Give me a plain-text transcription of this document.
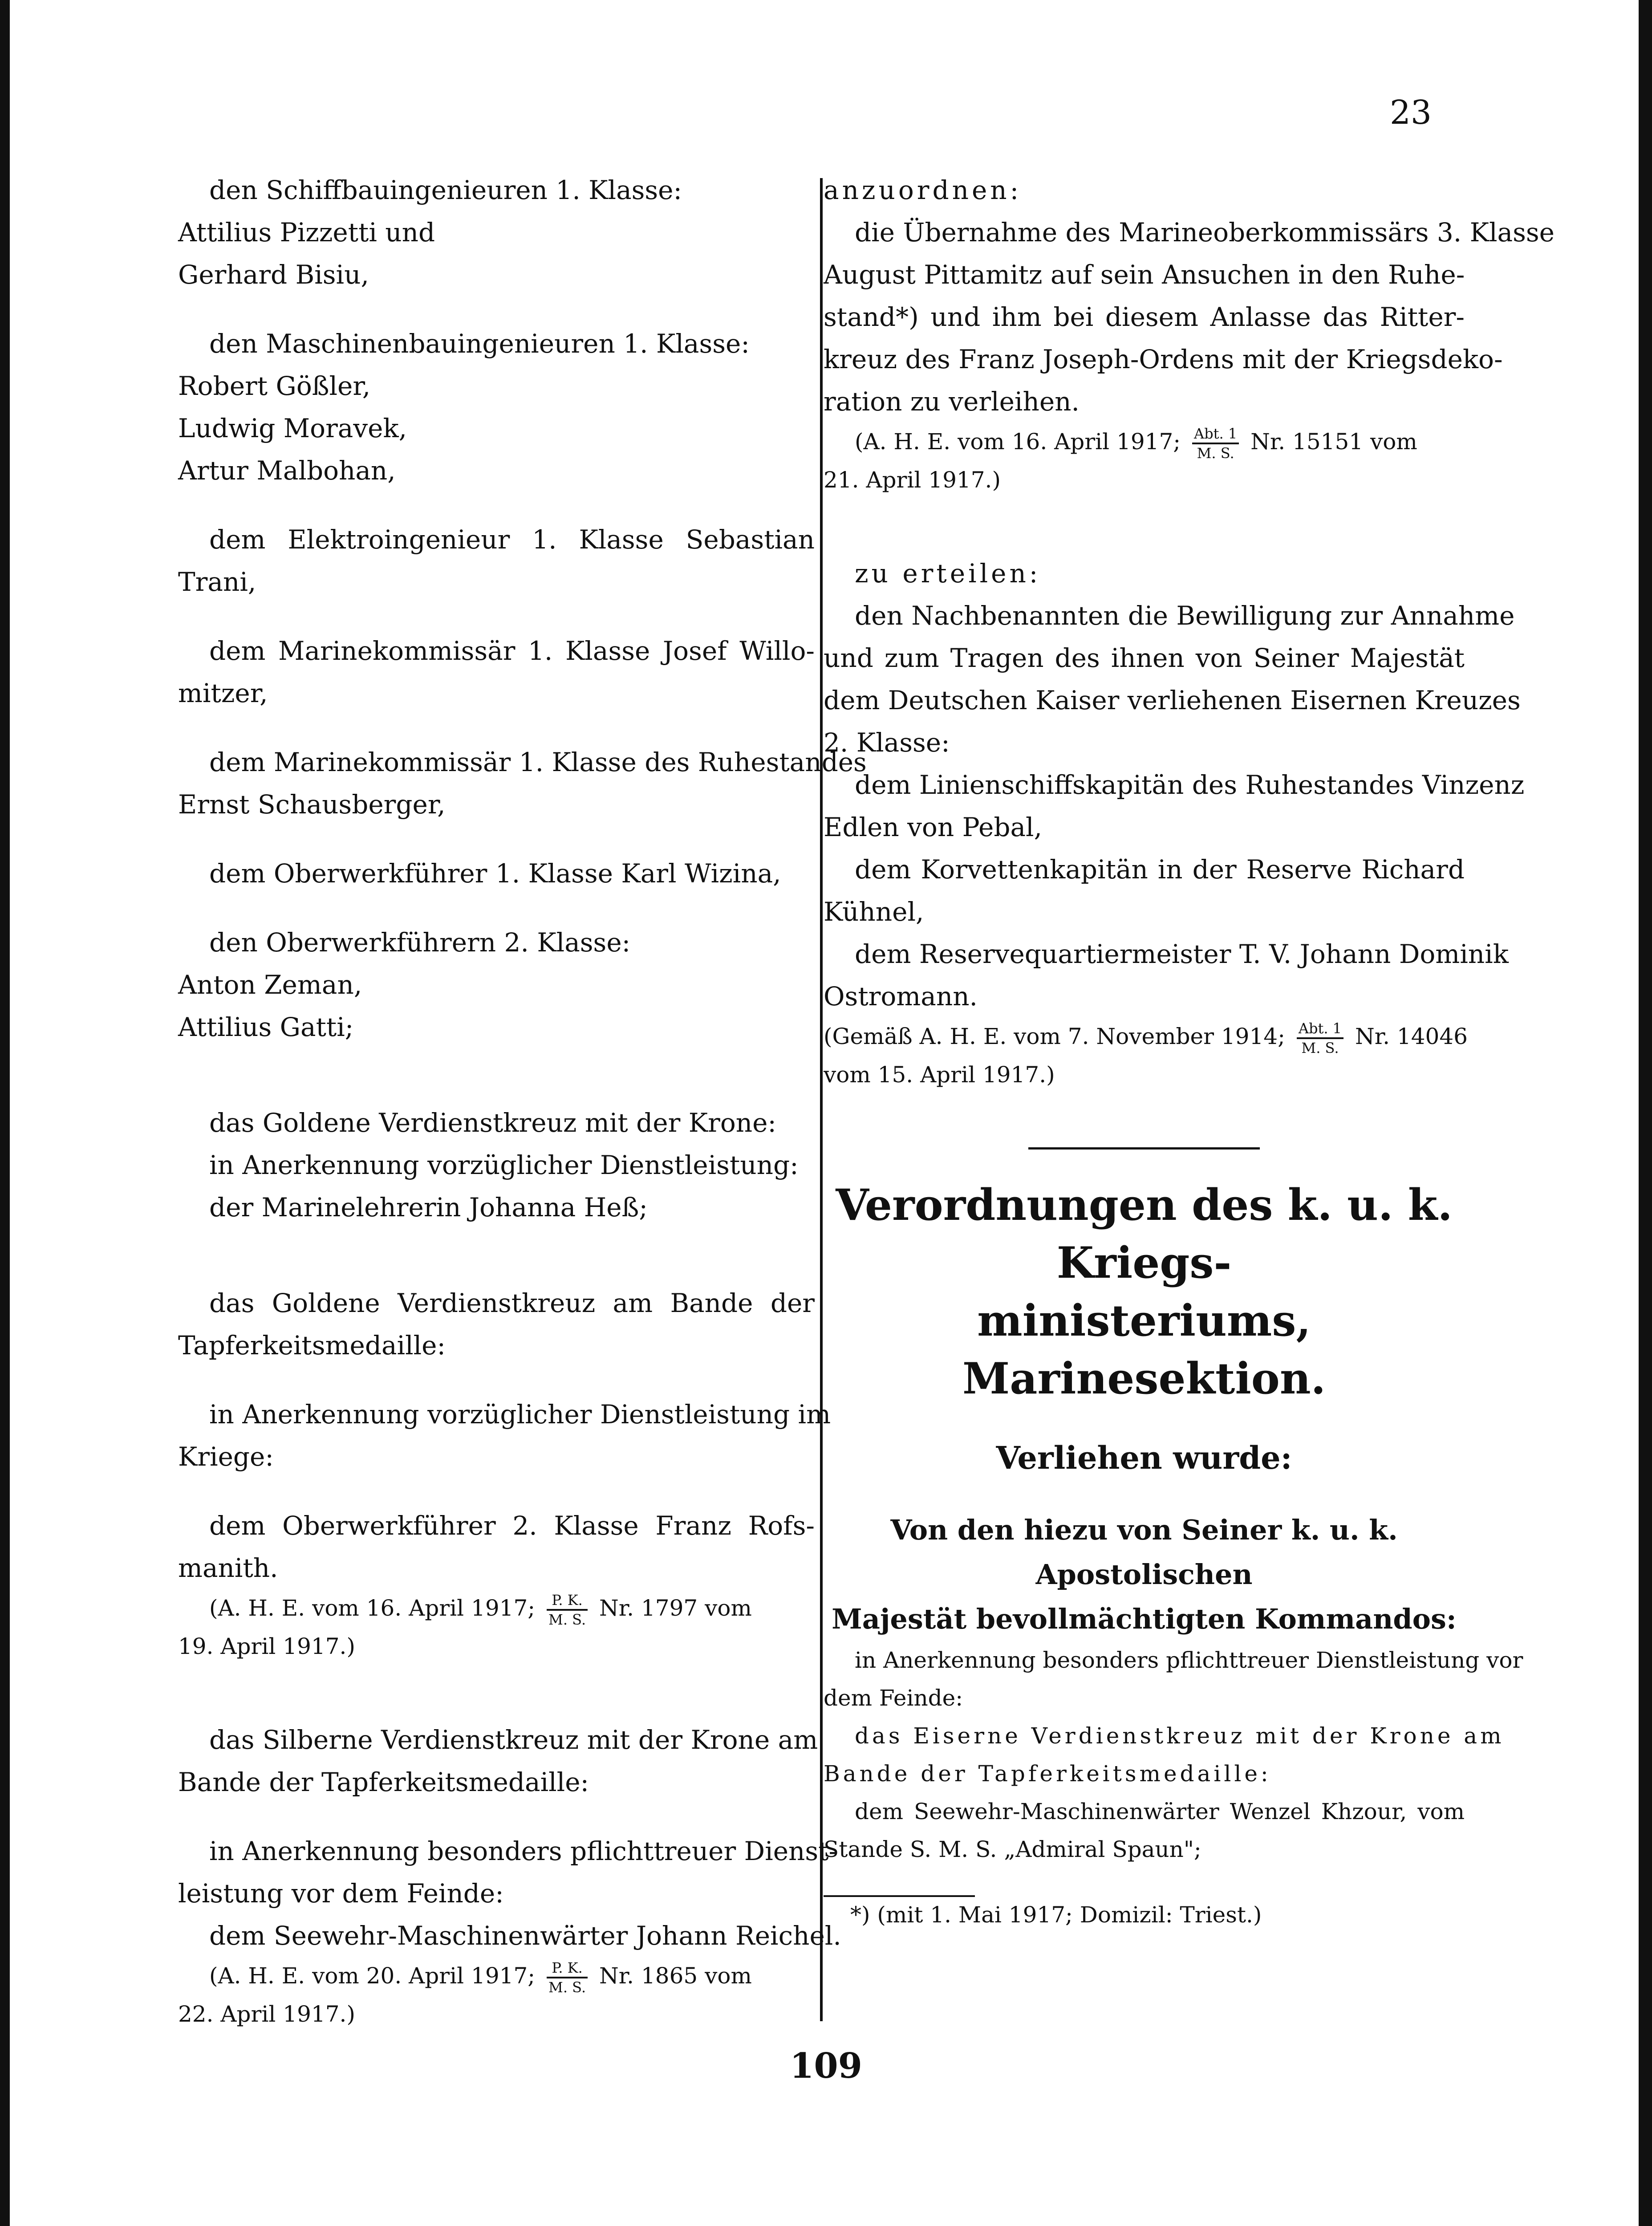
23
den Schiffbauingenieuren 1. Klasse:
Attilius Pizzetti und
Gerhard Bisiu,
den Maschinenbauingenieuren 1. Klasse:
Robert Gößler,
Ludwig Moravek,
Artur Malbohan,
dem Elektroingenieur 1. Klasse Sebastian
Trani,
dem Marinekommissär 1. Klasse Josef Willo-
mitzer,
dem Marinekommissär 1. Klasse des Ruhestandes
Ernst Schausberger,
dem Oberwerkführer 1. Klasse Karl Wizina,
den Oberwerkführern 2. Klasse:
Anton Zeman,
Attilius Gatti;
das Goldene Verdienstkreuz mit der Krone:
in Anerkennung vorzüglicher Dienstleistung:
der Marinelehrerin Johanna Heß;
das Goldene Verdienstkreuz am Bande der
Tapferkeitsmedaille:
in Anerkennung vorzüglicher Dienstleistung im
Kriege:
dem Oberwerkführer 2. Klasse Franz Rofs-
manith.
(A. H. E. vom 16. April 1917; $\frac{P. K.}{M. S.} Nr$. 1797 vom
19. April 1917.)
das Silberne Verdienstkreuz mit der Krone am
Bande der Tapferkeitsmedaille:
in Anerkennung besonders pflichttreuer Dienst-
leistung vor dem Feinde:
dem Seewehr-Maschinenwärter Johann Reichel.
(A. H. E. vom 20. April 1917; $\frac{P. K.}{M. S.} Nr$. 1865 vom
22. April 1917.)
anzuordnen:
die Übernahme des Marineoberkommissärs 3. Klasse
August Pittamitz auf sein Ansuchen in den Ruhe-
stand*) und ihm bei diesem Anlasse das Ritter-
kreuz des Franz Joseph-Ordens mit der Kriegsdeko-
ration zu verleihen.
(A. H. E. vom 16. April 1917; $\frac{\text{Abt. 1}}{M. S.} Nr$. 15151 vom
21. April 1917.)
zu erteilen:
den Nachbenannten die Bewilligung zur Annahme
und zum Tragen des ihnen von Seiner Majestät
dem Deutschen Kaiser verliehenen Eisernen Kreuzes
2. Klasse:
dem Linienschiffskapitän des Ruhestandes Vinzenz
Edlen von Pebal,
dem Korvettenkapitän in der Reserve Richard
Kühnel,
dem Reservequartiermeister T. V. Johann Dominik
Ostromann.
(Gemäß A. H. E. vom 7. November 1914; $\frac{\text{Abt. 1}}{M. S.} Nr$. 14046
vom 15. April 1917.)
Verordnungen des k. u. k. Kriegs-
ministeriums, Marinesektion.
Verliehen wurde:
Von den hiezu von Seiner k. u. k. Apostolischen
Majestät bevollmächtigten Kommandos:
in Anerkennung besonders pflichttreuer Dienstleistung vor
dem Feinde:
das Eiserne Verdienstkreuz mit der Krone am
Bande der Tapferkeitsmedaille:
dem Seewehr-Maschinenwärter Wenzel Khzour, vom
Stande S. M. S. „Admiral Spaun";
*) (mit 1. Mai 1917; Domizil: Triest.)
109
